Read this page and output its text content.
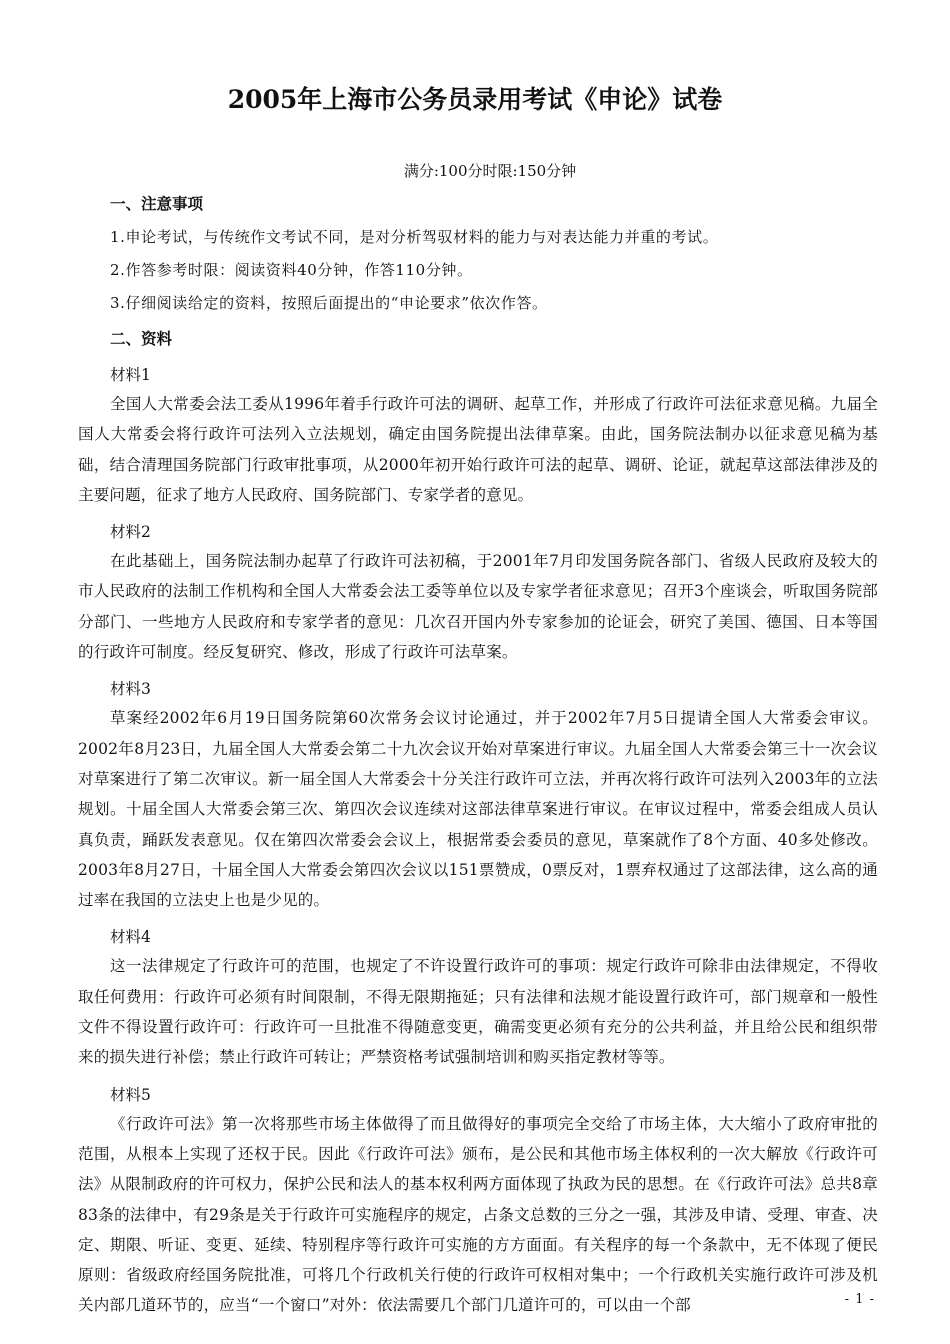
2005年上海市公务员录用考试《申论》试卷
满分:100分时限:150分钟
一、注意事项
1.申论考试，与传统作文考试不同，是对分析驾驭材料的能力与对表达能力并重的考试。
2.作答参考时限：阅读资料40分钟，作答110分钟。
3.仔细阅读给定的资料，按照后面提出的“申论要求”依次作答。
二、资料
材料1

全国人大常委会法工委从1996年着手行政许可法的调研、起草工作，并形成了行政许可法征求意见稿。九届全国人大常委会将行政许可法列入立法规划，确定由国务院提出法律草案。由此，国务院法制办以征求意见稿为基础，结合清理国务院部门行政审批事项，从2000年初开始行政许可法的起草、调研、论证，就起草这部法律涉及的主要问题，征求了地方人民政府、国务院部门、专家学者的意见。

材料2

在此基础上，国务院法制办起草了行政许可法初稿，于2001年7月印发国务院各部门、省级人民政府及较大的市人民政府的法制工作机构和全国人大常委会法工委等单位以及专家学者征求意见；召开3个座谈会，听取国务院部分部门、一些地方人民政府和专家学者的意见：几次召开国内外专家参加的论证会，研究了美国、德国、日本等国的行政许可制度。经反复研究、修改，形成了行政许可法草案。

材料3

草案经2002年6月19日国务院第60次常务会议讨论通过，并于2002年7月5日提请全国人大常委会审议。2002年8月23日，九届全国人大常委会第二十九次会议开始对草案进行审议。九届全国人大常委会第三十一次会议对草案进行了第二次审议。新一届全国人大常委会十分关注行政许可立法，并再次将行政许可法列入2003年的立法规划。十届全国人大常委会第三次、第四次会议连续对这部法律草案进行审议。在审议过程中，常委会组成人员认真负责，踊跃发表意见。仅在第四次常委会会议上，根据常委会委员的意见，草案就作了8个方面、40多处修改。2003年8月27日，十届全国人大常委会第四次会议以151票赞成，0票反对，1票弃权通过了这部法律，这么高的通过率在我国的立法史上也是少见的。

材料4

这一法律规定了行政许可的范围，也规定了不许设置行政许可的事项：规定行政许可除非由法律规定，不得收取任何费用：行政许可必须有时间限制，不得无限期拖延；只有法律和法规才能设置行政许可，部门规章和一般性文件不得设置行政许可：行政许可一旦批准不得随意变更，确需变更必须有充分的公共利益，并且给公民和组织带来的损失进行补偿；禁止行政许可转让；严禁资格考试强制培训和购买指定教材等等。

材料5

《行政许可法》第一次将那些市场主体做得了而且做得好的事项完全交给了市场主体，大大缩小了政府审批的范围，从根本上实现了还权于民。因此《行政许可法》颁布，是公民和其他市场主体权利的一次大解放《行政许可法》从限制政府的许可权力，保护公民和法人的基本权利两方面体现了执政为民的思想。在《行政许可法》总共8章83条的法律中，有29条是关于行政许可实施程序的规定，占条文总数的三分之一强，其涉及申请、受理、审查、决定、期限、听证、变更、延续、特别程序等行政许可实施的方方面面。有关程序的每一个条款中，无不体现了便民原则：省级政府经国务院批准，可将几个行政机关行使的行政许可权相对集中；一个行政机关实施行政许可涉及机关内部几道环节的，应当“一个窗口”对外：依法需要几个部门几道许可的，可以由一个部	- 1 -
